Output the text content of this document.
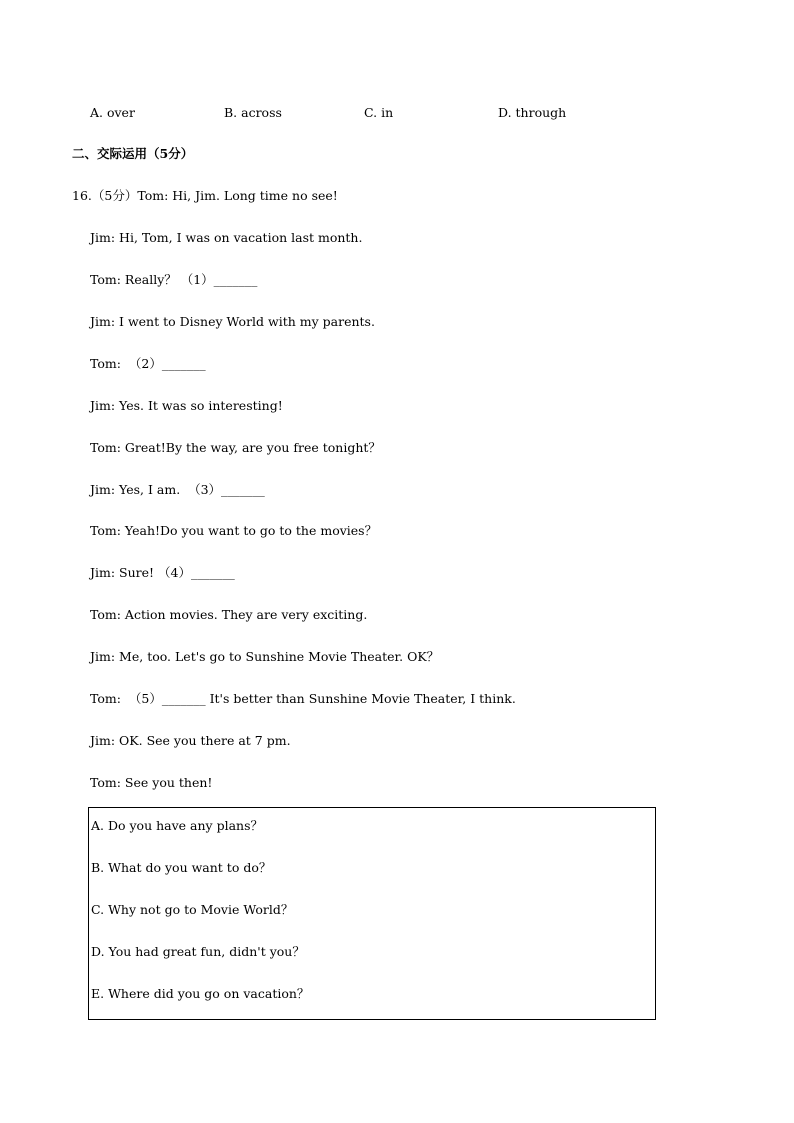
A. over	B. across	C. in	D. through
二、交际运用（5分）
16.（5分）Tom: Hi, Jim. Long time no see!
Jim: Hi, Tom, I was on vacation last month.
Tom: Really？ （1）_______
Jim: I went to Disney World with my parents.
Tom:  （2）_______
Jim: Yes. It was so interesting!
Tom: Great!By the way, are you free tonight？
Jim: Yes, I am.  （3）_______
Tom: Yeah!Do you want to go to the movies？
Jim: Sure! （4）_______
Tom: Action movies. They are very exciting.
Jim: Me, too. Let's go to Sunshine Movie Theater. OK？
Tom:  （5）_______ It's better than Sunshine Movie Theater, I think.
Jim: OK. See you there at 7 pm.
Tom: See you then!
A. Do you have any plans？
B. What do you want to do？
C. Why not go to Movie World？
D. You had great fun, didn't you？
E. Where did you go on vacation？
